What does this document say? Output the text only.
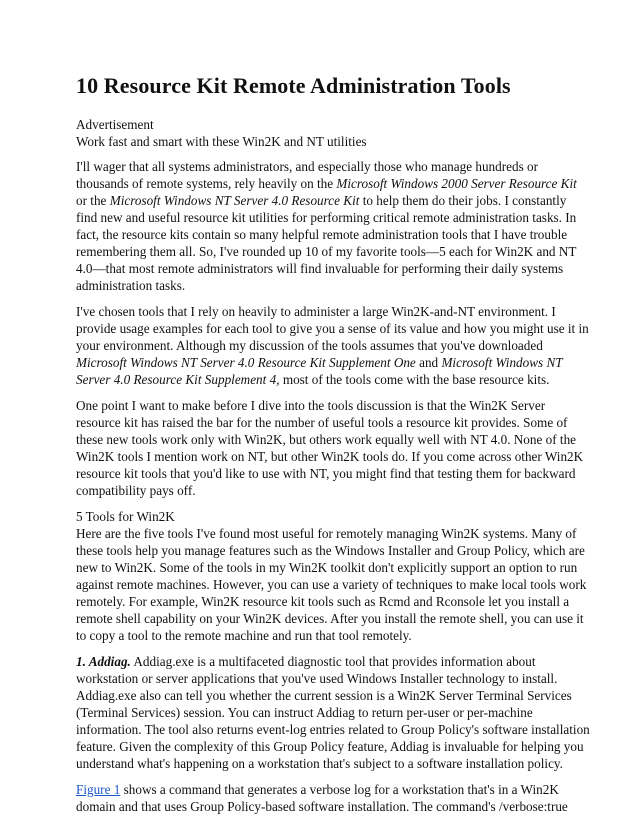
10 Resource Kit Remote Administration Tools
Advertisement
Work fast and smart with these Win2K and NT utilities
I'll wager that all systems administrators, and especially those who manage hundreds or
thousands of remote systems, rely heavily on the Microsoft Windows 2000 Server Resource Kit
or the Microsoft Windows NT Server 4.0 Resource Kit to help them do their jobs. I constantly
find new and useful resource kit utilities for performing critical remote administration tasks. In
fact, the resource kits contain so many helpful remote administration tools that I have trouble
remembering them all. So, I've rounded up 10 of my favorite tools—5 each for Win2K and NT
4.0—that most remote administrators will find invaluable for performing their daily systems
administration tasks.
I've chosen tools that I rely on heavily to administer a large Win2K-and-NT environment. I
provide usage examples for each tool to give you a sense of its value and how you might use it in
your environment. Although my discussion of the tools assumes that you've downloaded
Microsoft Windows NT Server 4.0 Resource Kit Supplement One and Microsoft Windows NT
Server 4.0 Resource Kit Supplement 4, most of the tools come with the base resource kits.
One point I want to make before I dive into the tools discussion is that the Win2K Server
resource kit has raised the bar for the number of useful tools a resource kit provides. Some of
these new tools work only with Win2K, but others work equally well with NT 4.0. None of the
Win2K tools I mention work on NT, but other Win2K tools do. If you come across other Win2K
resource kit tools that you'd like to use with NT, you might find that testing them for backward
compatibility pays off.
5 Tools for Win2K
Here are the five tools I've found most useful for remotely managing Win2K systems. Many of
these tools help you manage features such as the Windows Installer and Group Policy, which are
new to Win2K. Some of the tools in my Win2K toolkit don't explicitly support an option to run
against remote machines. However, you can use a variety of techniques to make local tools work
remotely. For example, Win2K resource kit tools such as Rcmd and Rconsole let you install a
remote shell capability on your Win2K devices. After you install the remote shell, you can use it
to copy a tool to the remote machine and run that tool remotely.
1. Addiag. Addiag.exe is a multifaceted diagnostic tool that provides information about
workstation or server applications that you've used Windows Installer technology to install.
Addiag.exe also can tell you whether the current session is a Win2K Server Terminal Services
(Terminal Services) session. You can instruct Addiag to return per-user or per-machine
information. The tool also returns event-log entries related to Group Policy's software installation
feature. Given the complexity of this Group Policy feature, Addiag is invaluable for helping you
understand what's happening on a workstation that's subject to a software installation policy.
Figure 1 shows a command that generates a verbose log for a workstation that's in a Win2K
domain and that uses Group Policy-based software installation. The command's /verbose:true
